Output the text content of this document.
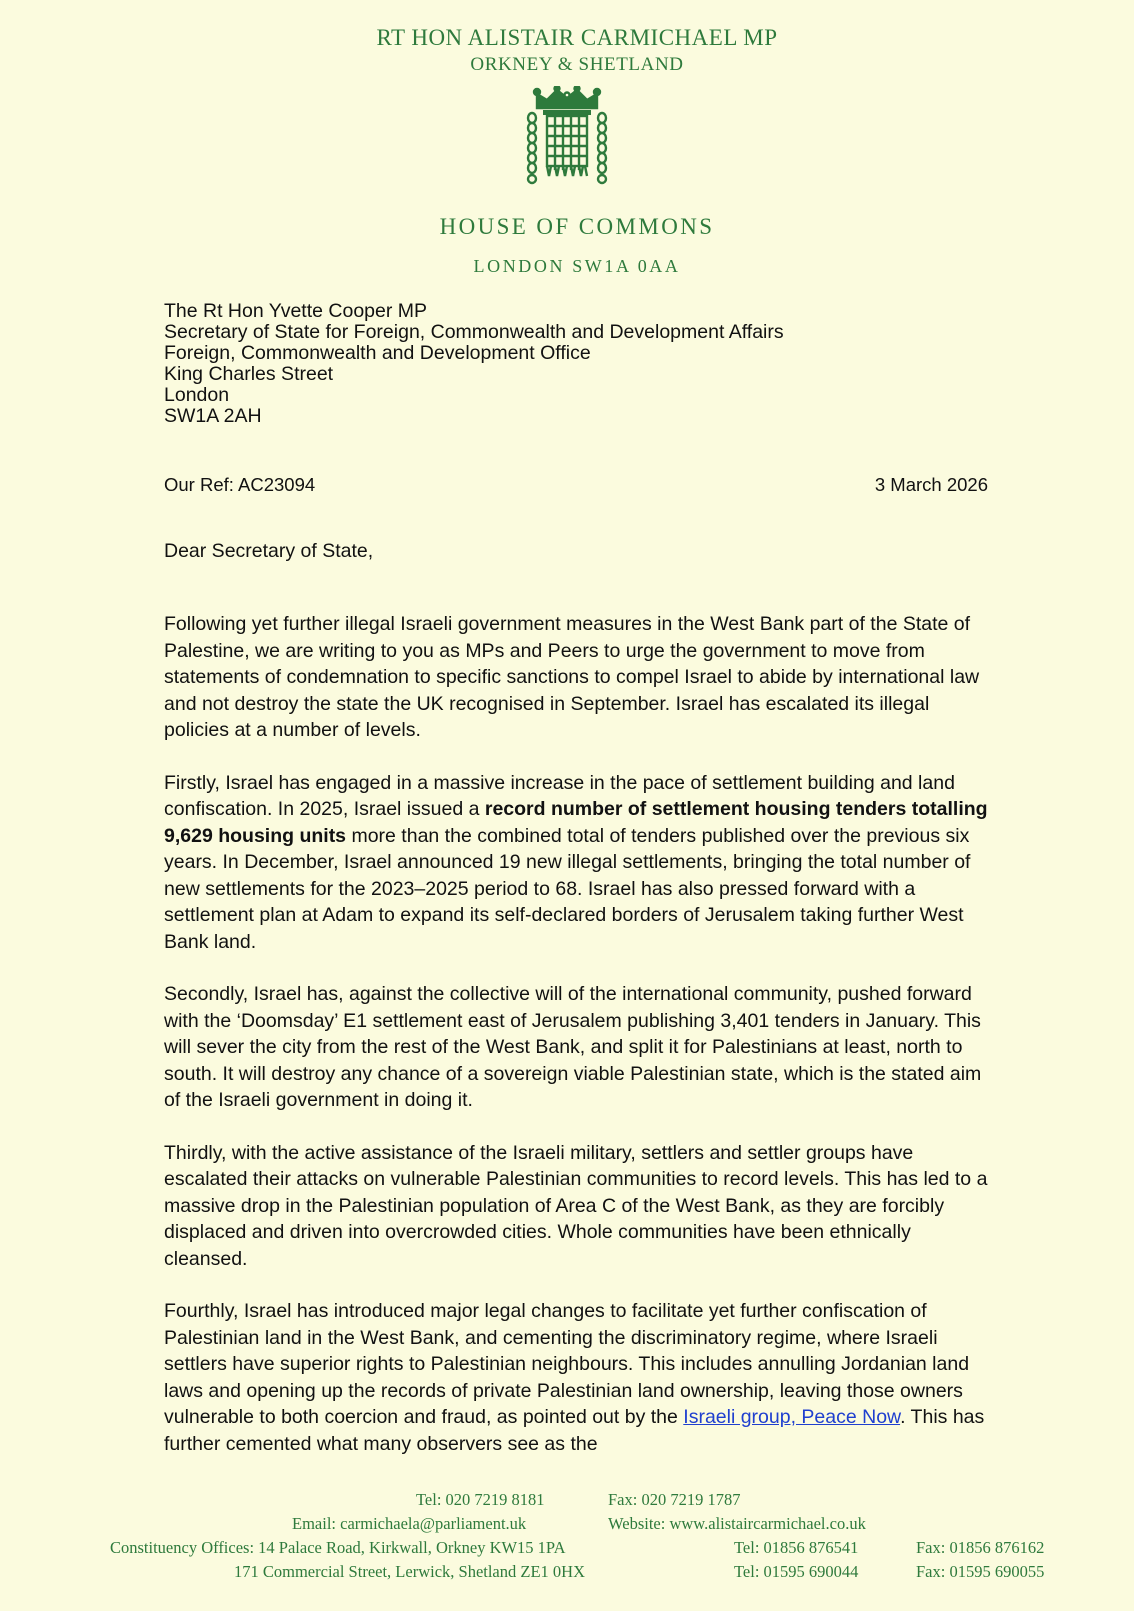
RT HON ALISTAIR CARMICHAEL MP
ORKNEY & SHETLAND
HOUSE OF COMMONS
LONDON SW1A 0AA
The Rt Hon Yvette Cooper MP
Secretary of State for Foreign, Commonwealth and Development Affairs
Foreign, Commonwealth and Development Office
King Charles Street
London
SW1A 2AH
Our Ref: AC23094	3 March 2026
Dear Secretary of State,

Following yet further illegal Israeli government measures in the West Bank part of the State of Palestine, we are writing to you as MPs and Peers to urge the government to move from statements of condemnation to specific sanctions to compel Israel to abide by international law and not destroy the state the UK recognised in September. Israel has escalated its illegal policies at a number of levels.

Firstly, Israel has engaged in a massive increase in the pace of settlement building and land confiscation. In 2025, Israel issued a record number of settlement housing tenders totalling 9,629 housing units more than the combined total of tenders published over the previous six years. In December, Israel announced 19 new illegal settlements, bringing the total number of new settlements for the 2023–2025 period to 68. Israel has also pressed forward with a settlement plan at Adam to expand its self-declared borders of Jerusalem taking further West Bank land.

Secondly, Israel has, against the collective will of the international community, pushed forward with the ‘Doomsday’ E1 settlement east of Jerusalem publishing 3,401 tenders in January. This will sever the city from the rest of the West Bank, and split it for Palestinians at least, north to south. It will destroy any chance of a sovereign viable Palestinian state, which is the stated aim of the Israeli government in doing it.

Thirdly, with the active assistance of the Israeli military, settlers and settler groups have escalated their attacks on vulnerable Palestinian communities to record levels. This has led to a massive drop in the Palestinian population of Area C of the West Bank, as they are forcibly displaced and driven into overcrowded cities. Whole communities have been ethnically cleansed.

Fourthly, Israel has introduced major legal changes to facilitate yet further confiscation of Palestinian land in the West Bank, and cementing the discriminatory regime, where Israeli settlers have superior rights to Palestinian neighbours. This includes annulling Jordanian land laws and opening up the records of private Palestinian land ownership, leaving those owners vulnerable to both coercion and fraud, as pointed out by the Israeli group, Peace Now. This has further cemented what many observers see as the

Tel: 020 7219 8181	Fax: 020 7219 1787
Email: carmichaela@parliament.uk	Website: www.alistaircarmichael.co.uk
Constituency Offices: 14 Palace Road, Kirkwall, Orkney KW15 1PA	Tel: 01856 876541	Fax: 01856 876162
171 Commercial Street, Lerwick, Shetland ZE1 0HX	Tel: 01595 690044	Fax: 01595 690055
